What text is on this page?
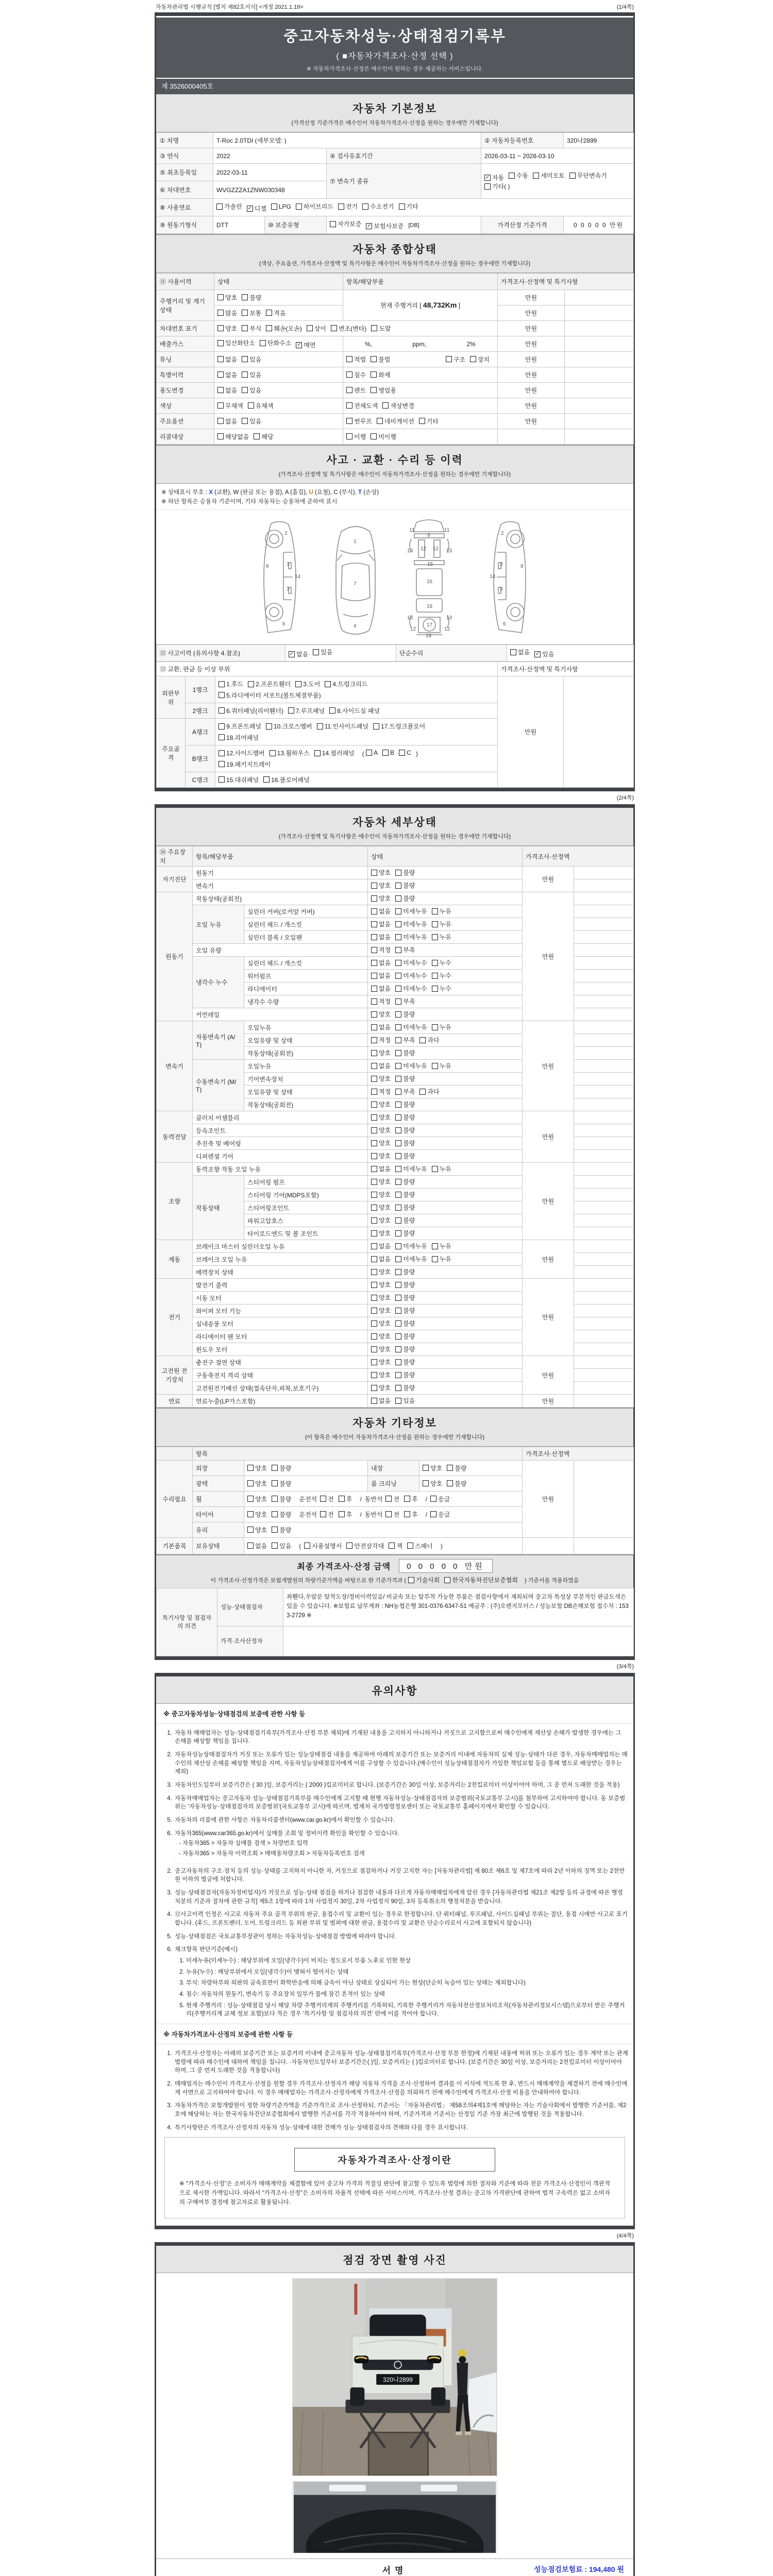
자동차관리법 시행규칙 [별지 제82호서식] <개정 2021.1.19>	(1/4쪽)
중고자동차성능·상태점검기록부
( ■자동차가격조사·산정 선택 )
※ 자동차가격조사·산정은 매수인이 원하는 경우 제공하는 서비스입니다.
제 3526000405호
자동차 기본정보
(가격산정 기준가격은 매수인이 자동차가격조사·산정을 원하는 경우에만 기재합니다)
① 차명	T-Roc 2.0TDI (세부모델: )			② 자동차등록번호	320나2899
③ 연식	2022		④ 검사유효기간	2026-03-11 ~ 2028-03-10	
⑤ 최초등록일	2022-03-11	⑦ 변속기 종류	
✓ 자동 수동 세미오토 무단변속기
기타( )

⑥ 차대번호	WVGZZZA1ZNW030348				
⑧ 사용연료	가솔린 ✓ 디젤 LPG 하이브리드 전기 수소전기 기타

⑨ 원동기형식	DTT	⑩ 보증유형	자가보증 ✓ 보험사보증 [DB]	가격산정 기준가격	0 0 0 0 0 만원
자동차 종합상태
(색상, 주요옵션, 가격조사·산정액 및 특기사항은 매수인이 자동차가격조사·산정을 원하는 경우에만 기재합니다)
⑪ 사용이력	상태	항목/해당부품	가격조사·산정액 및 특기사항	
주행거리 및 계기상태	양호 불량	현재 주행거리 [ 48,732Km ]	만원	

	많음 보통 적음		만원	
차대번호 표기	양호 부식 훼손(오손) 상이 변조(변타) 도말	만원	
배출가스	일산화탄소 탄화수소 ✓ 매연	%, ppm, 2%	만원	
튜닝	없음 있음	적법 불법 구조 장치	만원	
특별이력	없음 있음	침수 화재	만원	
용도변경	없음 있음	렌트 영업용	만원	
색상	무채색 유채색	전체도색 색상변경	만원	
주요옵션	없음 있음	썬루프 네비게이션 기타	만원	
리콜대상	해당없음 해당	이행 미이행		

사고 · 교환 · 수리 등 이력
(가격조사·산정액 및 특기사항은 매수인이 자동차가격조사·산정을 원하는 경우에만 기재합니다)
※ 상태표시 부호 : X (교환), W (판금 또는 용접), A (흠집), U (요철), C (부식), T (손상)
※ 하단 항목은 승용차 기준이며, 기타 자동차는 승용차에 준하여 표시
2
8	3
3
14
6
1
7
4
11	11
13	13
12 12
9
15
16
19
13	13
12	12
17
18
2
8
3
3
14
6
⑫ 사고이력 (유의사항 4.참조)	✓ 없음 있음	단순수리	없음 ✓ 있음
⑬ 교환, 판금 등 이상 부위			가격조사·산정액 및 특기사항	
외판부위	1랭크	1.후드 2.프론트휀더 3.도어 4.트렁크리드
5.라디에이터 서포트(볼트체결부품)	만원	
	2랭크	6.쿼터패널(리어휀더) 7.루프패널 8.사이드실 패널		

주요골격	A랭크	9.프론트패널 10.크로스멤버 11.인사이드패널 17.트렁크플로어
18.리어패널		

B랭크	
12.사이드멤버 13.휠하우스 14.필러패널 ( A B C )
19.패키지트레이

	C랭크	15.대쉬패널 16.플로어패널		
(2/4쪽)
자동차 세부상태
(가격조사·산정액 및 특기사항은 매수인이 자동차가격조사·산정을 원하는 경우에만 기재합니다)
⑭ 주요장치	항목/해당부품		상태	가격조사·산정액	
자기진단	원동기		양호 불량	만원	
	변속기		양호 불량		

원동기	작동상태(공회전)		양호 불량	만원	
	오일 누유	실린더 커버(로커암 커버)	없음 미세누유 누유		

		실린더 헤드 / 개스킷	없음 미세누유 누유		

		실린더 블록 / 오일팬	없음 미세누유 누유		

	오일 유량		적정 부족		

	냉각수 누수	실린더 헤드 / 개스킷	없음 미세누수 누수		

		워터펌프	없음 미세누수 누수		

		라디에이터	없음 미세누수 누수		

		냉각수 수량	적정 부족		

	커먼레일		양호 불량		

변속기	자동변속기 (A/T)	오일누유	없음 미세누유 누유	만원	
		오일유량 및 상태	적정 부족 과다		

		작동상태(공회전)	양호 불량		

	수동변속기 (M/T)	오일누유	없음 미세누유 누유		

		기어변속장치	양호 불량		

		오일유량 및 상태	적정 부족 과다		

		작동상태(공회전)	양호 불량		

동력전달	클러치 어셈블리		양호 불량	만원	
	등속조인트		양호 불량		

	추진축 및 베어링		양호 불량		

	디퍼렌셜 기어		양호 불량		

조향	동력조향 작동 오일 누유		없음 미세누유 누유	만원	
	작동상태	스티어링 펌프	양호 불량		

		스티어링 기어(MDPS포함)	양호 불량		

		스티어링조인트	양호 불량		

		파워고압호스	양호 불량		

		타이로드엔드 및 볼 조인트	양호 불량		

제동	브레이크 마스터 실린더오일 누유		없음 미세누유 누유	만원	
	브레이크 오일 누유		없음 미세누유 누유		

	배력장치 상태		양호 불량		

전기	발전기 출력		양호 불량	만원	
	시동 모터		양호 불량		

	와이퍼 모터 기능		양호 불량		

	실내송풍 모터		양호 불량		

	라디에이터 팬 모터		양호 불량		

	윈도우 모터		양호 불량		

고전원 전기장치	충전구 절연 상태		양호 불량	만원	
	구동축전지 격리 상태		양호 불량		

	고전원전기배선 상태(접속단자,피복,보호기구)		양호 불량		

연료	연료누출(LP가스포함)		없음 있음	만원	
자동차 기타정보
(이 항목은 매수인이 자동차가격조사·산정을 원하는 경우에만 기재합니다)
	항목				가격조사·산정액	
수리필요	외장	양호 불량	내장	양호 불량	만원	
	광택	양호 불량	룸 크리닝	양호 불량		

휠	양호 불량 운전석 전 후 / 동반석 전 후 / 응급

타이어	양호 불량 운전석 전 후 / 동반석 전 후 / 응급

	유리	양호 불량				

기본품목	보유상태	없음 있음 ( 사용설명서 안전삼각대 잭 스패너 )

최종 가격조사·산정 금액	0 0 0 0 0 만원
이 가격조사·산정가격은 보험개발원의 차량기준가액을 바탕으로 한 기준가격과 ( 기술사회 한국자동차진단보증협회 ) 기준서를 적용하였음
특기사항 및 점검자의 의견	성능·상태점검자	좌휀다,우앞문 탈착도장/정비이력있음/ 비금속 또는 탈부착 가능한 부품은 점검사항에서 제외되며 중고차 특성상 부분적인 판금도색은 있을 수 있습니다. ※보험료 납부계좌 : NH농협은행 301-0376-6347-51 예금주 : (주)오렌지모터스 / 성능보험 DB손해보험 접수처 : 1533-2729 ※
	가격·조사산정자	
(3/4쪽)
유의사항
※ 중고자동차성능·상태점검의 보증에 관한 사항 등
1. 자동차 매매업자는 성능·상태점검기록부(가격조사·산정 부분 제외)에 기재된 내용을 고지하지 아니하거나 거짓으로 고지함으로써 매수인에게 재산상 손해가 발생한 경우에는 그 손해를 배상할 책임을 집니다.
2. 자동차성능상태점검자가 거짓 또는 오류가 있는 성능상태점검 내용을 제공하여 아래의 보증기간 또는 보증거리 이내에 자동차의 실제 성능·상태가 다른 경우, 자동차매매업자는 매수인의 재산상 손해를 배상할 책임을 지며, 자동차성능상태점검자에게 이를 구상할 수 있습니다.(매수인이 성능상태점검자가 가입한 책임보험 등을 통해 별도로 배상받는 경우는 제외)
3. 자동차인도일부터 보증기간은 ( 30 )일, 보증거리는 ( 2000 )킬로미터로 합니다. (보증기간은 30일 이상, 보증거리는 2천킬로미터 이상이어야 하며, 그 중 먼저 도래한 것을 적용)
4. 자동차매매업자는 중고자동차 성능·상태점검기록부를 매수인에게 고지할 때 현행 자동차성능·상태점검자의 보증범위(국토교통부 고시)를 첨부하여 고지하여야 합니다. 동 보증범위는 '자동차성능·상태점검자의 보증범위'(국토교통부 고시)에 따르며, 법제처 국가법령정보센터 또는 국토교통부 홈페이지에서 확인할 수 있습니다.
5. 자동차의 리콜에 관한 사항은 자동차리콜센터(www.car.go.kr)에서 확인할 수 있습니다.
6. 자동차365(www.car365.go.kr)에서 실매물 조회 및 정비이력 확인을 확인할 수 있습니다.
- 자동차365 > 자동차 실매물 검색 > 차량번호 입력
- 자동차365 > 자동차 이력조회 > 매매용차량조회 > 자동차등록번호 검색
2. 중고자동차의 구조·장치 등의 성능·상태를 고지하지 아니한 자, 거짓으로 점검하거나 거짓 고지한 자는 [자동차관리법] 제 80조 제6호 및 제7호에 따라 2년 이하의 징역 또는 2천만원 이하의 벌금에 처합니다.
3. 성능·상태점검자(자동차정비업자)가 거짓으로 성능·상태 점검을 하거나 점검한 내용과 다르게 자동차매매업자에게 알린 경우 [자동차관리법 제21조 제2항 등의 규정에 따른 행정처분의 기준과 절차에 관한 규칙] 제5조 1항에 따라 1차 사업정지 30일, 2차 사업정지 90일, 3차 등록취소의 행정처분을 받습니다.
4. ⑫사고이력 인정은 사고로 자동차 주요 골격 부위의 판금, 용접수리 및 교환이 있는 경우로 한정합니다. 단 쿼터패널, 루프패널, 사이드실패널 부위는 절단, 용접 시에만 사고로 표기합니다. (후드, 프론트펜더, 도어, 트렁크리드 등 외판 부위 및 범퍼에 대한 판금, 용접수리 및 교환은 단순수리로서 사고에 포함되지 않습니다)
5. 성능·상태점검은 국토교통부장관이 정하는 자동차성능·상태점검 방법에 따라야 합니다.
6. 체크항목 판단기준(예시)
1. 미세누유(미세누수) : 해당부위에 오일(냉각수)이 비치는 정도로서 부품 노후로 인한 현상
2. 누유(누수) : 해당부위에서 오일(냉각수)이 맺혀서 떨어지는 상태
3. 부식: 차량하부와 외판의 금속표면이 화학반응에 의해 금속이 아닌 상태로 상실되어 가는 현상(단순히 녹슬어 있는 상태는 제외합니다)
4. 침수: 자동차의 원동기, 변속기 등 주요장치 일부가 물에 잠긴 흔적이 있는 상태
5. 현재 주행거리 : 성능·상태점검 당시 해당 차량 주행거리계의 주행거리를 기록하되, 기록한 주행거리가 자동차전산정보처리조직(자동차관리정보시스템)으로부터 받은 주행거리(주행거리계 교체 정보 포함)보다 적은 경우 '특기사항 및 점검자의 의견' 란에 이를 적어야 합니다.
※ 자동차가격조사·산정의 보증에 관한 사항 등
1. 가격조사·산정자는 아래의 보증기간 또는 보증거리 이내에 중고자동차 성능·상태점검기록부(가격조사·산정 부분 한정)에 기재된 내용에 허위 또는 오류가 있는 경우 계약 또는 관계법령에 따라 매수인에 대하여 책임을 집니다. ·자동차인도일부터 보증기간은( )일, 보증거리는 ( )킬로미터로 합니다. (보증기간은 30일 이상, 보증거리는 2천킬로미터 이상이어야 하며, 그 중 먼저 도래한 것을 적용합니다)
2. 매매업자는 매수인이 가격조사·산정을 원할 경우 가격조사·산정자가 해당 자동차 가격을 조사·산정하여 결과를 이 서식에 적도록 한 후, 반드시 매매계약을 체결하기 전에 매수인에게 서면으로 고지하여야 합니다. 이 경우 매매업자는 가격조사·산정자에게 가격조사·산정을 의뢰하기 전에 매수인에게 가격조사·산정 비용을 안내하여야 합니다.
3. 자동차가격은 보험개발원이 정한 차량기준가액을 기준가격으로 조사·산정하되, 기준서는 「자동차관리법」 제58조의4제1호에 해당하는 자는 기술사회에서 발행한 기준서를, 제2호에 해당하는 자는 한국자동차진단보증협회에서 발행한 기준서를 각각 적용하여야 하며, 기준가격과 기준서는 산정일 기준 가장 최근에 발행된 것을 적용합니다.
4. 특기사항란은 가격조사·산정자의 자동차 성능·상태에 대한 견해가 성능·상태점검자의 견해와 다를 경우 표시합니다.
자동차가격조사·산정이란
※ "가격조사·산정"은 소비자가 매매계약을 체결함에 있어 중고차 가격의 적절성 판단에 참고할 수 있도록 법령에 의한 절차와 기준에 따라 전문 가격조사·산정인이 객관적으로 제시한 가액입니다. 따라서 "가격조사·산정"은 소비자의 자율적 선택에 따른 서비스이며, 가격조사·산정 결과는 중고차 가격판단에 관하여 법적 구속력은 없고 소비자의 구매여부 결정에 참고자료로 활용됩니다.
(4/4쪽)
점검 장면 촬영 사진
320나2899
서명	성능점검보험료 : 194,480 원
